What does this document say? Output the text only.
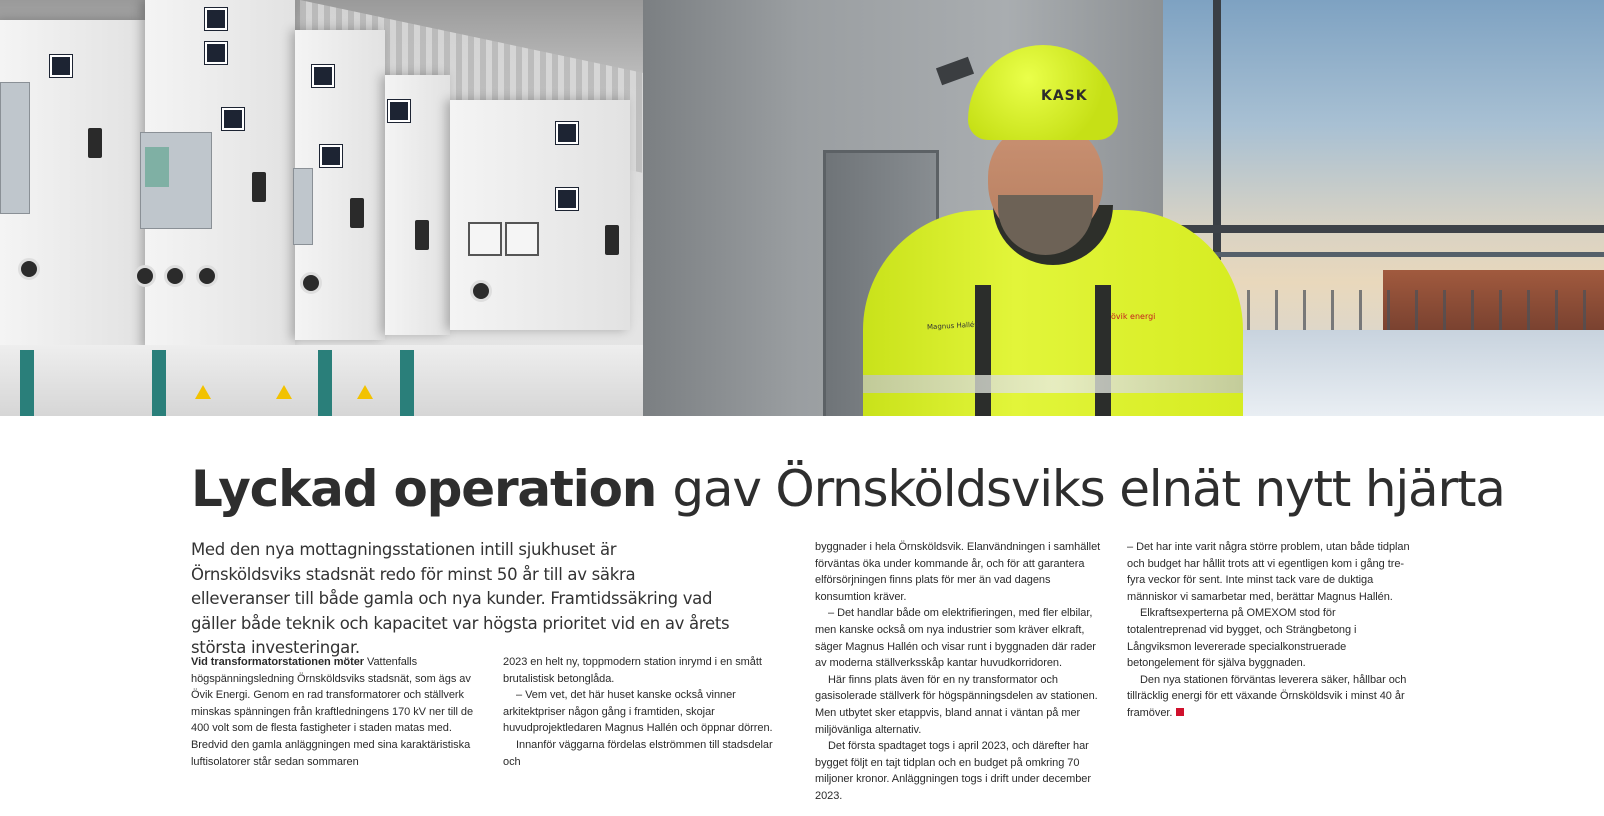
KASK
Magnus Hallén
övik energi
Lyckad operation gav Örnsköldsviks elnät nytt hjärta

Med den nya mottagningsstationen intill sjukhuset är Örnsköldsviks stadsnät redo för minst 50 år till av säkra elleveranser till både gamla och nya kunder. Framtidssäkring vad gäller både teknik och kapacitet var högsta prioritet vid en av årets största investeringar.

Vid transformatorstationen möter Vattenfalls högspänningsledning Örnsköldsviks stadsnät, som ägs av Övik Energi. Genom en rad transformatorer och ställverk minskas spänningen från kraftledningens 170 kV ner till de 400 volt som de flesta fastigheter i staden matas med. Bredvid den gamla anläggningen med sina karaktäristiska luftisolatorer står sedan sommaren

2023 en helt ny, toppmodern station inrymd i en smått brutalistisk betonglåda.

– Vem vet, det här huset kanske också vinner arkitektpriser någon gång i framtiden, skojar huvudprojektledaren Magnus Hallén och öppnar dörren.

Innanför väggarna fördelas elströmmen till stadsdelar och

byggnader i hela Örnsköldsvik. Elanvändningen i samhället förväntas öka under kommande år, och för att garantera elförsörjningen finns plats för mer än vad dagens konsumtion kräver.

– Det handlar både om elektrifieringen, med fler elbilar, men kanske också om nya industrier som kräver elkraft, säger Magnus Hallén och visar runt i byggnaden där rader av moderna ställverksskåp kantar huvudkorridoren.

Här finns plats även för en ny transformator och gasisolerade ställverk för högspänningsdelen av stationen. Men utbytet sker etappvis, bland annat i väntan på mer miljövänliga alternativ.

Det första spadtaget togs i april 2023, och därefter har bygget följt en tajt tidplan och en budget på omkring 70 miljoner kronor. Anläggningen togs i drift under december 2023.

– Det har inte varit några större problem, utan både tidplan och budget har hållit trots att vi egentligen kom i gång tre-fyra veckor för sent. Inte minst tack vare de duktiga människor vi samarbetar med, berättar Magnus Hallén.

Elkraftsexperterna på OMEXOM stod för totalentreprenad vid bygget, och Strängbetong i Långviksmon levererade specialkonstruerade betongelement för själva byggnaden.

Den nya stationen förväntas leverera säker, hållbar och tillräcklig energi för ett växande Örnsköldsvik i minst 40 år framöver.
